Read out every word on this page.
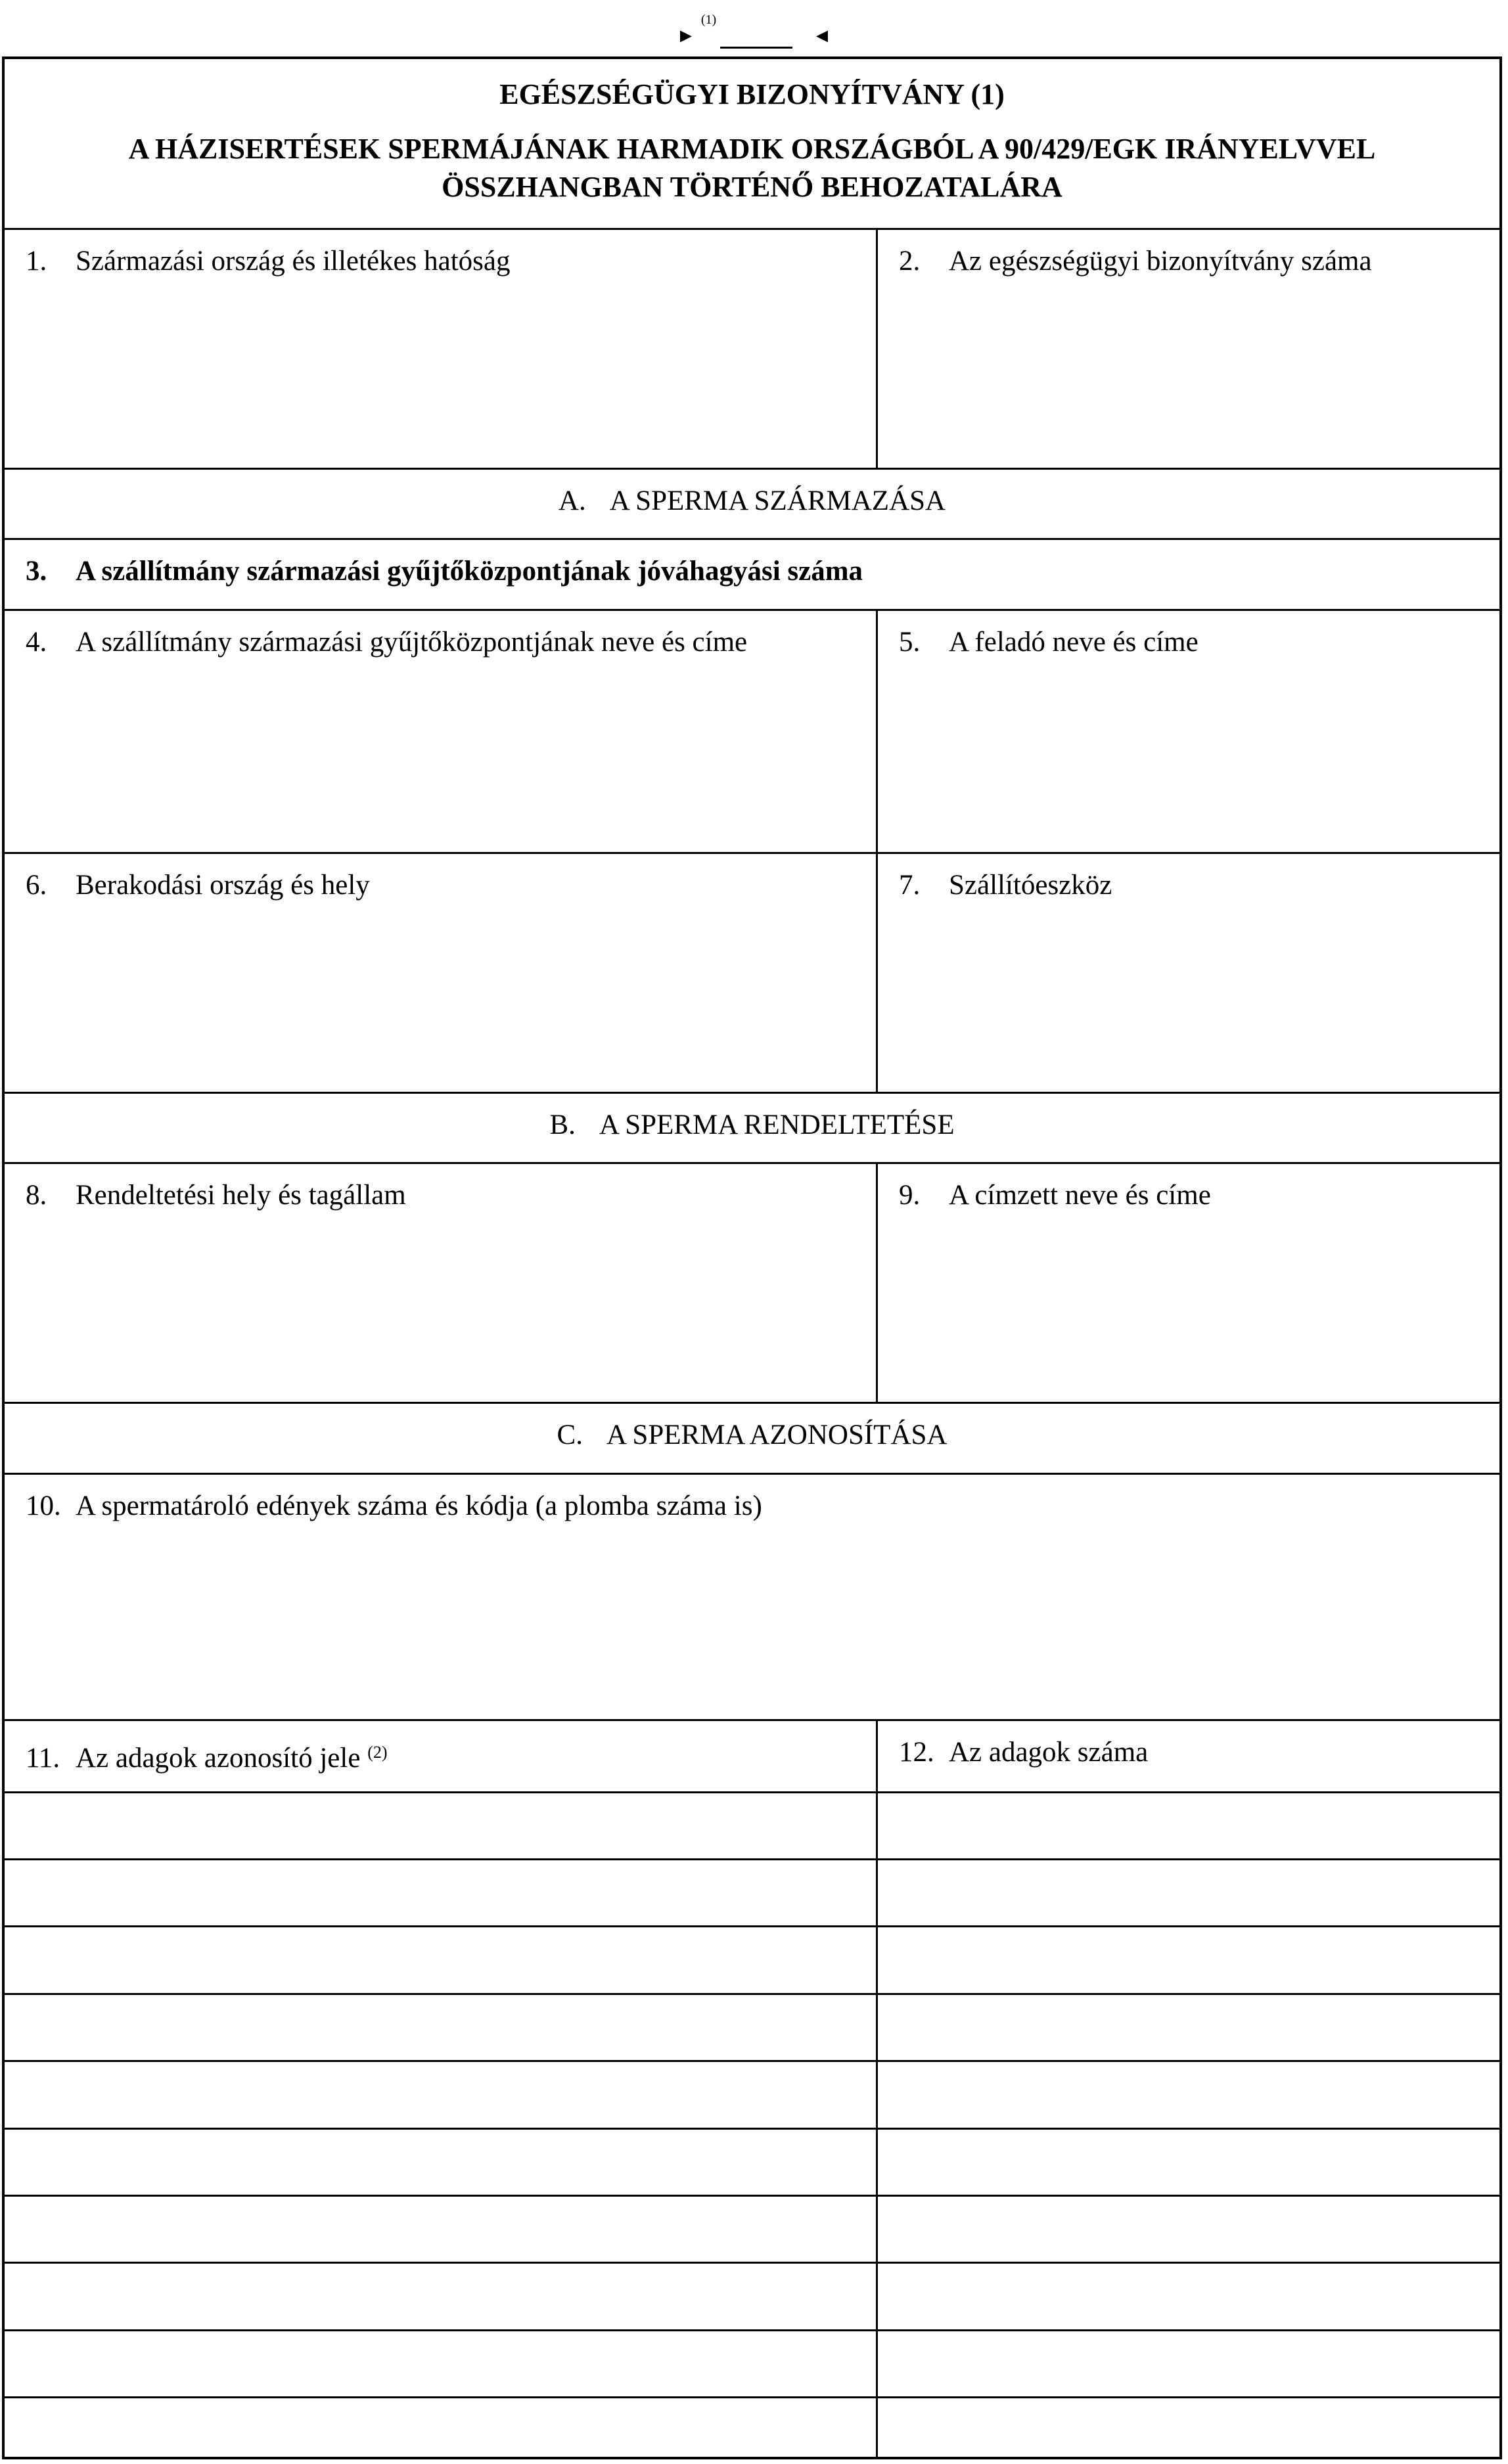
►$^{(1)}$◄
EGÉSZSÉGÜGYI BIZONYÍTVÁNY (1)
A HÁZISERTÉSEK SPERMÁJÁNAK HARMADIK ORSZÁGBÓL A 90/429/EGK IRÁNYELVVEL
ÖSSZHANGBAN TÖRTÉNŐ BEHOZATALÁRA
1. Származási ország és illetékes hatóság	2. Az egészségügyi bizonyítvány száma
A. A SPERMA SZÁRMAZÁSA
3. A szállítmány származási gyűjtőközpontjának jóváhagyási száma
4. A szállítmány származási gyűjtőközpontjának neve és címe	5. A feladó neve és címe
6. Berakodási ország és hely	7. Szállítóeszköz
B. A SPERMA RENDELTETÉSE
8. Rendeltetési hely és tagállam	9. A címzett neve és címe
C. A SPERMA AZONOSÍTÁSA
10. A spermatároló edények száma és kódja (a plomba száma is)
11. Az adagok azonosító jele $^{(2)}$	12. Az adagok száma
